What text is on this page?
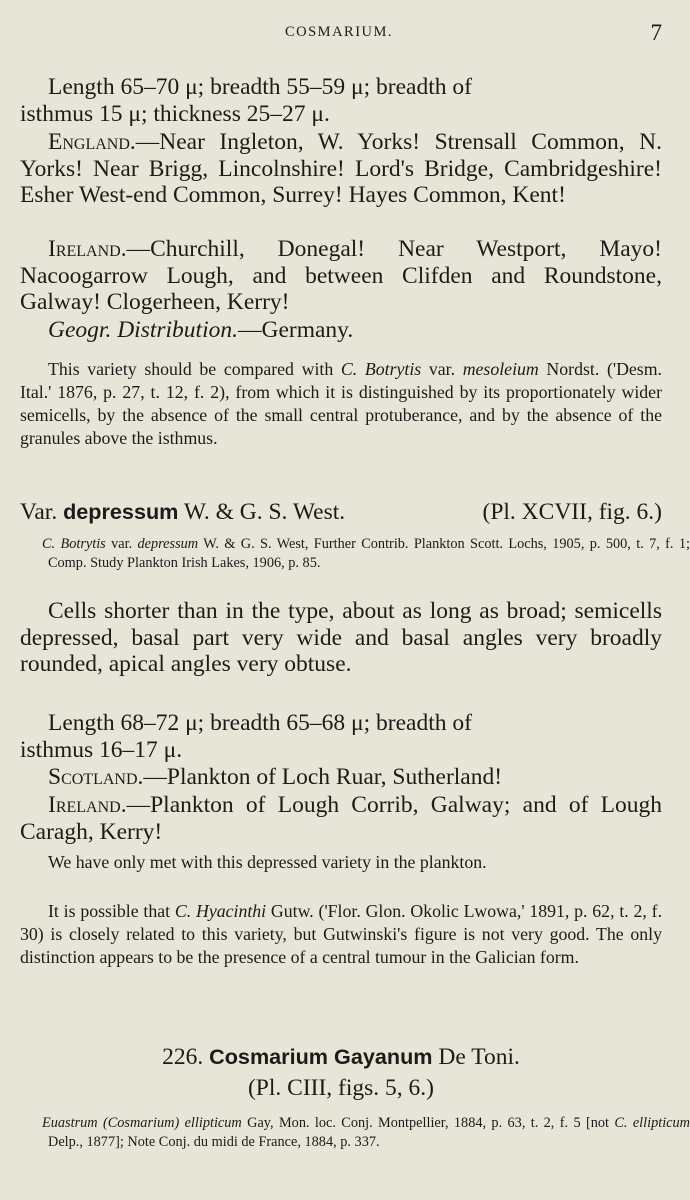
COSMARIUM.	7
Length 65–70 μ; breadth 55–59 μ; breadth of
isthmus 15 μ; thickness 25–27 μ.
England.—Near Ingleton, W. Yorks! Strensall Common, N. Yorks! Near Brigg, Lincolnshire! Lord's Bridge, Cambridgeshire! Esher West-end Common, Surrey! Hayes Common, Kent!
Ireland.—Churchill, Donegal! Near Westport, Mayo! Nacoogarrow Lough, and between Clifden and Roundstone, Galway! Clogerheen, Kerry!
Geogr. Distribution.—Germany.
This variety should be compared with C. Botrytis var. mesoleium Nordst. ('Desm. Ital.' 1876, p. 27, t. 12, f. 2), from which it is distinguished by its proportionately wider semicells, by the absence of the small central protuberance, and by the absence of the granules above the isthmus.
(Pl. XCVII, fig. 6.)
Var. depressum W. & G. S. West.
C. Botrytis var. depressum W. & G. S. West, Further Contrib. Plankton Scott. Lochs, 1905, p. 500, t. 7, f. 1; Comp. Study Plankton Irish Lakes, 1906, p. 85.
Cells shorter than in the type, about as long as broad; semicells depressed, basal part very wide and basal angles very broadly rounded, apical angles very obtuse.
Length 68–72 μ; breadth 65–68 μ; breadth of
isthmus 16–17 μ.
Scotland.—Plankton of Loch Ruar, Sutherland!
Ireland.—Plankton of Lough Corrib, Galway; and of Lough Caragh, Kerry!
We have only met with this depressed variety in the plankton.
It is possible that C. Hyacinthi Gutw. ('Flor. Glon. Okolic Lwowa,' 1891, p. 62, t. 2, f. 30) is closely related to this variety, but Gutwinski's figure is not very good. The only distinction appears to be the presence of a central tumour in the Galician form.
226. Cosmarium Gayanum De Toni.
(Pl. CIII, figs. 5, 6.)
Euastrum (Cosmarium) ellipticum Gay, Mon. loc. Conj. Montpellier, 1884, p. 63, t. 2, f. 5 [not C. ellipticum Delp., 1877]; Note Conj. du midi de France, 1884, p. 337.
